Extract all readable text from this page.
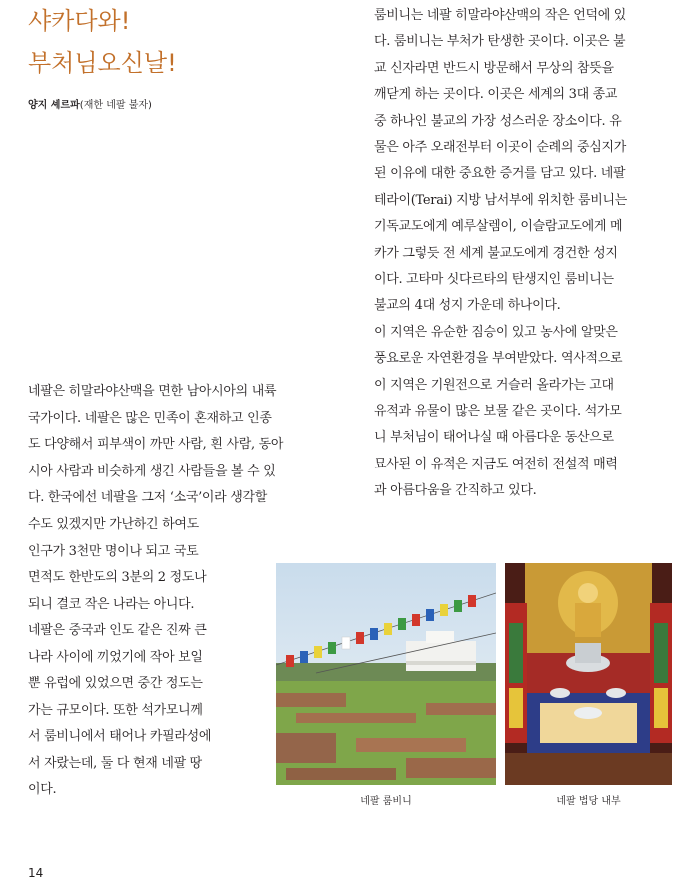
샤카다와!
부처님오신날!
양지 셰르파(재한 네팔 불자)
룸비니는 네팔 히말라야산맥의 작은 언덕에 있
다. 룸비니는 부처가 탄생한 곳이다. 이곳은 불
교 신자라면 반드시 방문해서 무상의 참뜻을
깨닫게 하는 곳이다. 이곳은 세계의 3대 종교
중 하나인 불교의 가장 성스러운 장소이다. 유
물은 아주 오래전부터 이곳이 순례의 중심지가
된 이유에 대한 중요한 증거를 담고 있다. 네팔
테라이(Terai) 지방 남서부에 위치한 룸비니는
기독교도에게 예루살렘이, 이슬람교도에게 메
카가 그렇듯 전 세계 불교도에게 경건한 성지
이다. 고타마 싯다르타의 탄생지인 룸비니는
불교의 4대 성지 가운데 하나이다.
이 지역은 유순한 짐승이 있고 농사에 알맞은
풍요로운 자연환경을 부여받았다. 역사적으로
이 지역은 기원전으로 거슬러 올라가는 고대
유적과 유물이 많은 보물 같은 곳이다. 석가모
니 부처님이 태어나실 때 아름다운 동산으로
묘사된 이 유적은 지금도 여전히 전설적 매력
과 아름다움을 간직하고 있다.
네팔은 히말라야산맥을 면한 남아시아의 내륙
국가이다. 네팔은 많은 민족이 혼재하고 인종
도 다양해서 피부색이 까만 사람, 흰 사람, 동아
시아 사람과 비슷하게 생긴 사람들을 볼 수 있
다. 한국에선 네팔을 그저 ‘소국’이라 생각할
수도 있겠지만 가난하긴 하여도
인구가 3천만 명이나 되고 국토
면적도 한반도의 3분의 2 정도나
되니 결코 작은 나라는 아니다.
네팔은 중국과 인도 같은 진짜 큰
나라 사이에 끼었기에 작아 보일
뿐 유럽에 있었으면 중간 정도는
가는 규모이다. 또한 석가모니께
서 룸비니에서 태어나 카필라성에
서 자랐는데, 둘 다 현재 네팔 땅
이다.
네팔 룸비니	네팔 법당 내부
14
